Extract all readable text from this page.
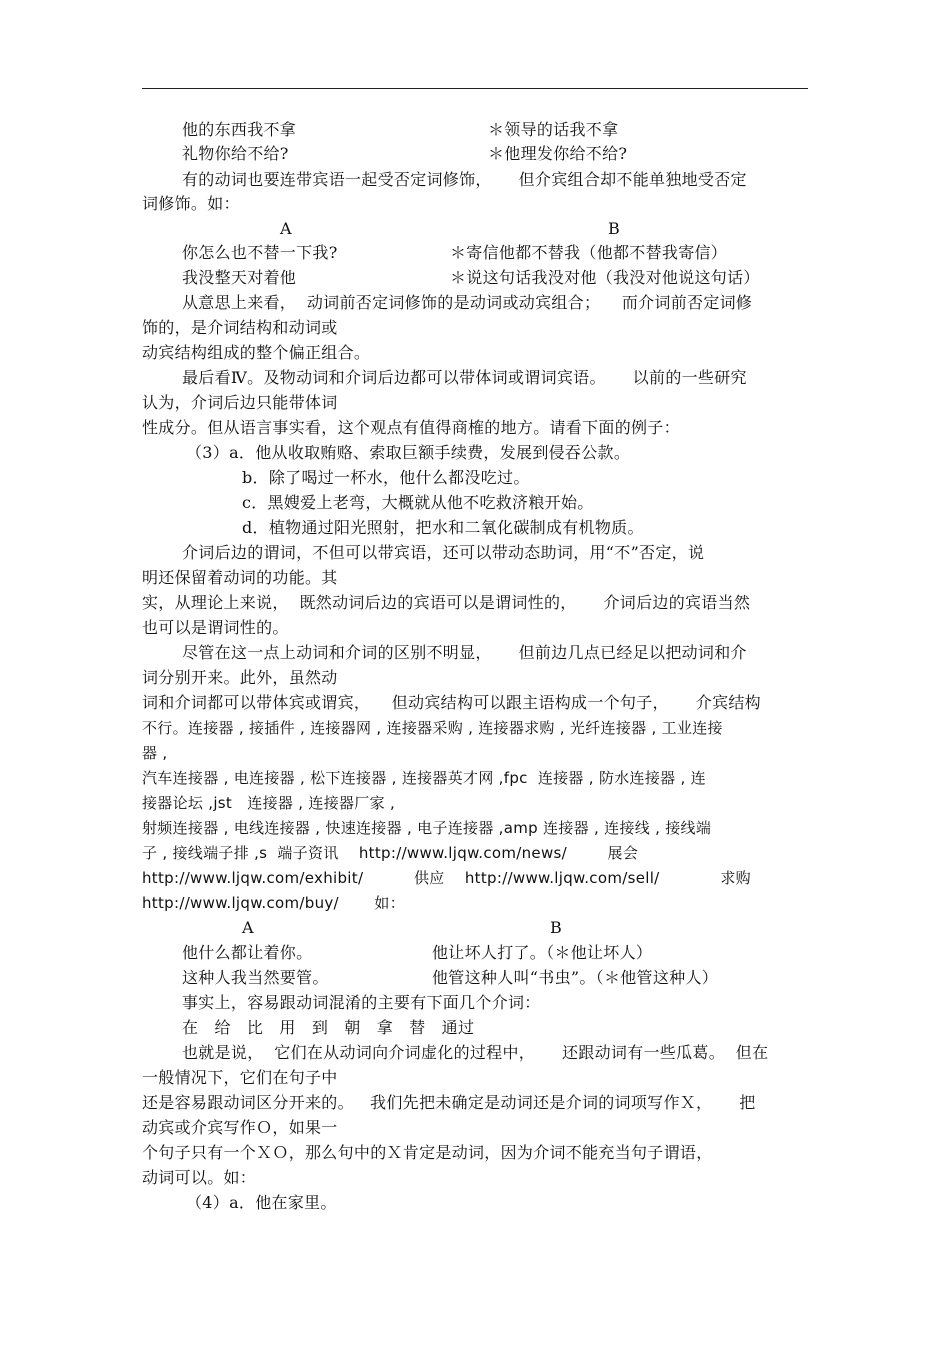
他的东西我不拿	＊领导的话我不拿
礼物你给不给?	＊他理发你给不给?
有的动词也要连带宾语一起受否定词修饰，     但介宾组合却不能单独地受否定
词修饰。如：
A	B
你怎么也不替一下我?	＊寄信他都不替我（他都不替我寄信）
我没整天对着他	＊说这句话我没对他（我没对他说这句话）
从意思上来看，  动词前否定词修饰的是动词或动宾组合；    而介词前否定词修
饰的，是介词结构和动词或
动宾结构组成的整个偏正组合。
最后看Ⅳ。及物动词和介词后边都可以带体词或谓词宾语。     以前的一些研究
认为，介词后边只能带体词
性成分。但从语言事实看，这个观点有值得商榷的地方。请看下面的例子：
（3）a．他从收取贿赂、索取巨额手续费，发展到侵吞公款。
b．除了喝过一杯水，他什么都没吃过。
c．黑嫂爱上老弯，大概就从他不吃救济粮开始。
d．植物通过阳光照射，把水和二氧化碳制成有机物质。
介词后边的谓词，不但可以带宾语，还可以带动态助词，用“不”否定，说
明还保留着动词的功能。其
实，从理论上来说，  既然动词后边的宾语可以是谓词性的，     介词后边的宾语当然
也可以是谓词性的。
尽管在这一点上动词和介词的区别不明显，     但前边几点已经足以把动词和介
词分别开来。此外，虽然动
词和介词都可以带体宾或谓宾，    但动宾结构可以跟主语构成一个句子，     介宾结构
不行。连接器 , 接插件 , 连接器网 , 连接器采购 , 连接器求购 , 光纤连接器 , 工业连接
器 ,
汽车连接器 , 电连接器 , 松下连接器 , 连接器英才网 ,fpc  连接器 , 防水连接器 , 连
接器论坛 ,jst   连接器 , 连接器厂家 ,
射频连接器 , 电线连接器 , 快速连接器 , 电子连接器 ,amp 连接器 , 连接线 , 接线端
子 , 接线端子排 ,s  端子资讯    http://www.ljqw.com/news/        展会
http://www.ljqw.com/exhibit/          供应    http://www.ljqw.com/sell/            求购
http://www.ljqw.com/buy/       如：
A	B
他什么都让着你。	他让坏人打了。（＊他让坏人）
这种人我当然要管。	他管这种人叫“书虫”。（＊他管这种人）
事实上，容易跟动词混淆的主要有下面几个介词：
在   给   比   用   到   朝   拿   替   通过
也就是说，  它们在从动词向介词虚化的过程中，     还跟动词有一些瓜葛。  但在
一般情况下，它们在句子中
还是容易跟动词区分开来的。   我们先把未确定是动词还是介词的词项写作Ｘ，     把
动宾或介宾写作Ｏ，如果一
个句子只有一个ＸＯ，那么句中的Ｘ肯定是动词，因为介词不能充当句子谓语，
动词可以。如：
（4）a．他在家里。
